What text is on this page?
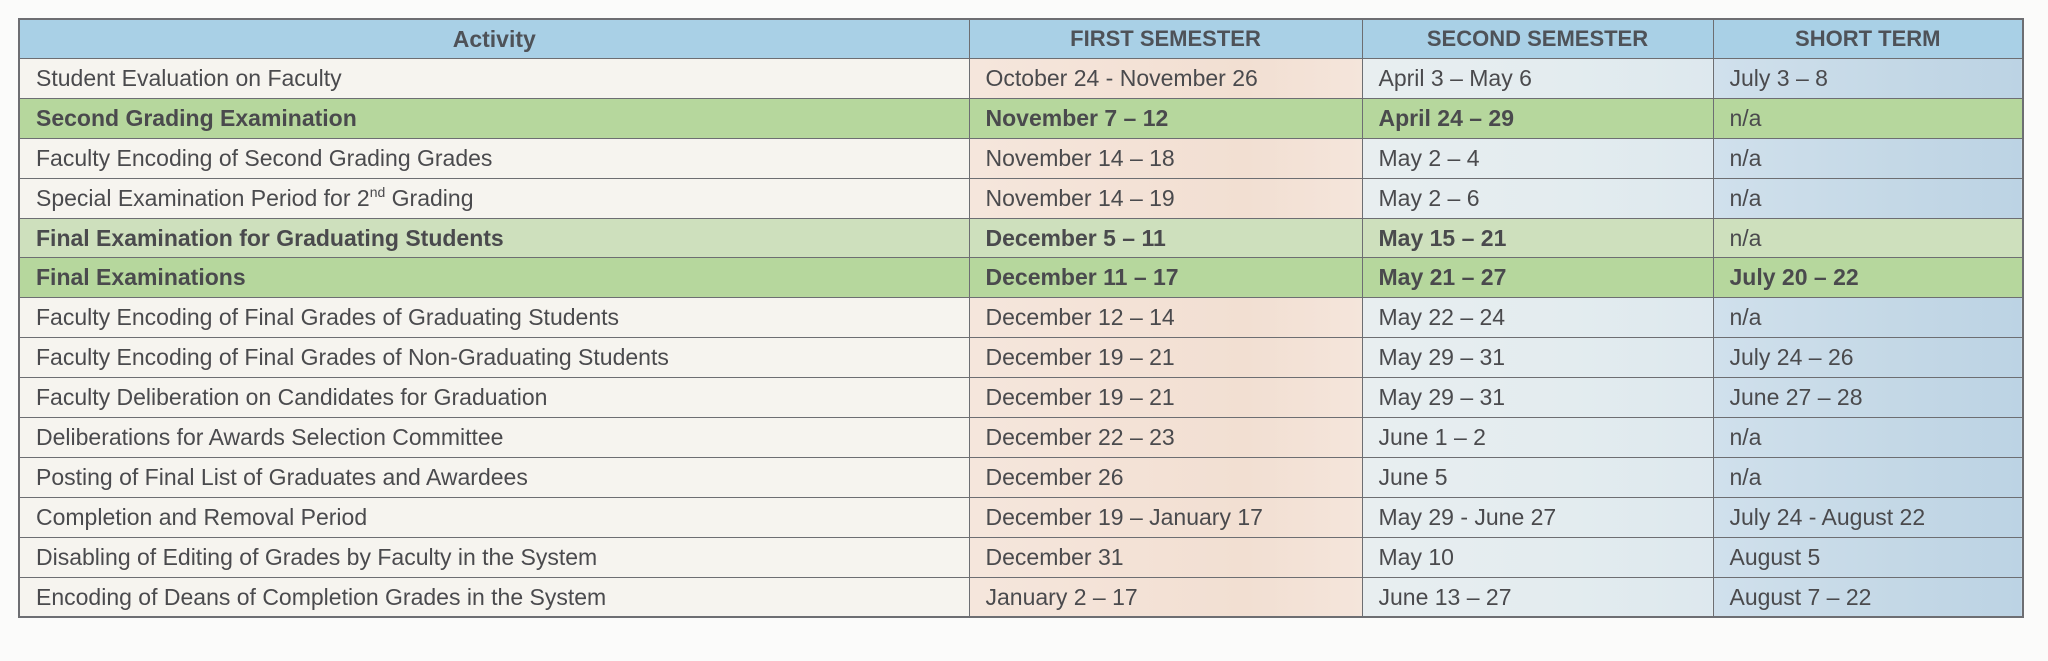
Activity	FIRST SEMESTER	SECOND SEMESTER	SHORT TERM
Student Evaluation on Faculty	October 24 - November 26	April 3 – May 6	July 3 – 8
Second Grading Examination	November 7 – 12	April 24 – 29	n/a
Faculty Encoding of Second Grading Grades	November 14 – 18	May 2 – 4	n/a
Special Examination Period for 2nd Grading	November 14 – 19	May 2 – 6	n/a
Final Examination for Graduating Students	December 5 – 11	May 15 – 21	n/a
Final Examinations	December 11 – 17	May 21 – 27	July 20 – 22
Faculty Encoding of Final Grades of Graduating Students	December 12 – 14	May 22 – 24	n/a
Faculty Encoding of Final Grades of Non-Graduating Students	December 19 – 21	May 29 – 31	July 24 – 26
Faculty Deliberation on Candidates for Graduation	December 19 – 21	May 29 – 31	June 27 – 28
Deliberations for Awards Selection Committee	December 22 – 23	June 1 – 2	n/a
Posting of Final List of Graduates and Awardees	December 26	June 5	n/a
Completion and Removal Period	December 19 – January 17	May 29 - June 27	July 24 - August 22
Disabling of Editing of Grades by Faculty in the System	December 31	May 10	August 5
Encoding of Deans of Completion Grades in the System	January 2 – 17	June 13 – 27	August 7 – 22
